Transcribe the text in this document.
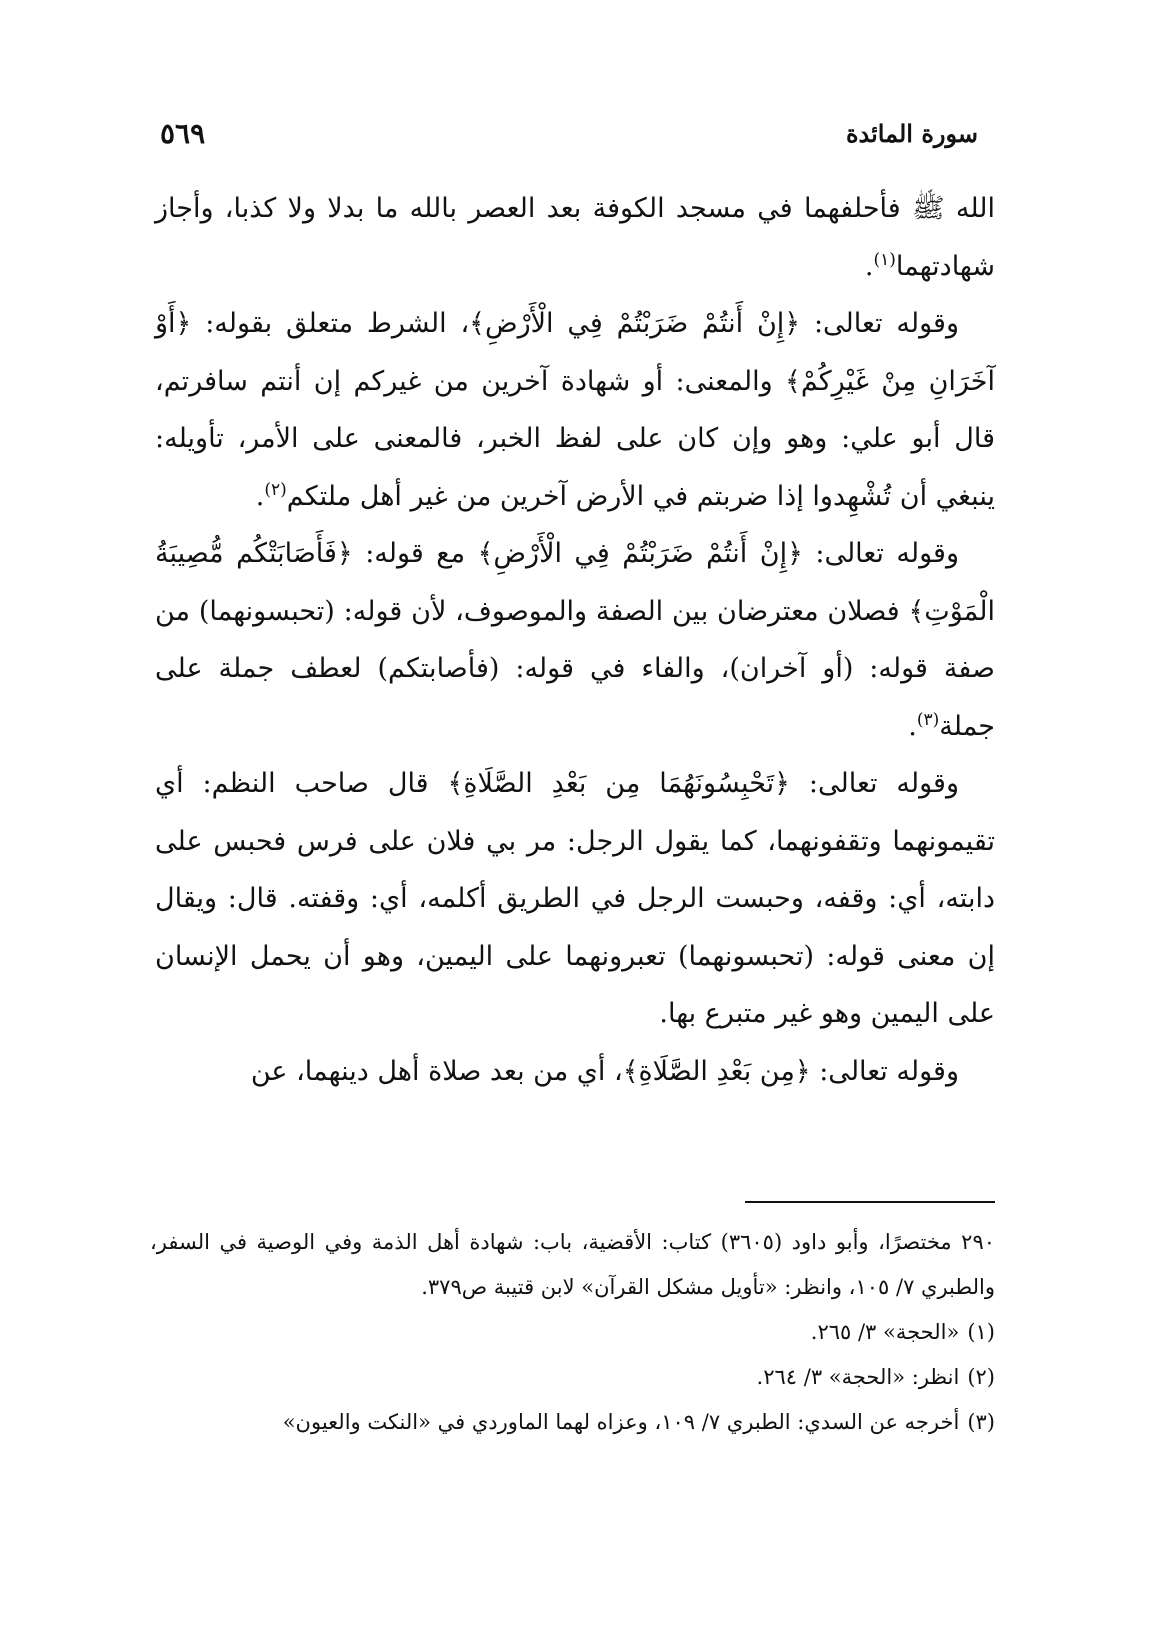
سورة المائدة
٥٦٩

الله ﷺ فأحلفهما في مسجد الكوفة بعد العصر بالله ما بدلا ولا كذبا، وأجاز شهادتهما$^{(١)}$.

وقوله تعالى: ﴿إِنْ أَنتُمْ ضَرَبْتُمْ فِي الْأَرْضِ﴾، الشرط متعلق بقوله: ﴿أَوْ آخَرَانِ مِنْ غَيْرِكُمْ﴾ والمعنى: أو شهادة آخرين من غيركم إن أنتم سافرتم، قال أبو علي: وهو وإن كان على لفظ الخبر، فالمعنى على الأمر، تأويله: ينبغي أن تُشْهِدوا إذا ضربتم في الأرض آخرين من غير أهل ملتكم$^{(٢)}$.

وقوله تعالى: ﴿إِنْ أَنتُمْ ضَرَبْتُمْ فِي الْأَرْضِ﴾ مع قوله: ﴿فَأَصَابَتْكُم مُّصِيبَةُ الْمَوْتِ﴾ فصلان معترضان بين الصفة والموصوف، لأن قوله: (تحبسونهما) من صفة قوله: (أو آخران)، والفاء في قوله: (فأصابتكم) لعطف جملة على جملة$^{(٣)}$.

وقوله تعالى: ﴿تَحْبِسُونَهُمَا مِن بَعْدِ الصَّلَاةِ﴾ قال صاحب النظم: أي تقيمونهما وتقفونهما، كما يقول الرجل: مر بي فلان على فرس فحبس على دابته، أي: وقفه، وحبست الرجل في الطريق أكلمه، أي: وقفته. قال: ويقال إن معنى قوله: (تحبسونهما) تعبرونهما على اليمين، وهو أن يحمل الإنسان على اليمين وهو غير متبرع بها.

وقوله تعالى: ﴿مِن بَعْدِ الصَّلَاةِ﴾، أي من بعد صلاة أهل دينهما، عن

٢٩٠ مختصرًا، وأبو داود (٣٦٠٥) كتاب: الأقضية، باب: شهادة أهل الذمة وفي الوصية في السفر، والطبري ٧/ ١٠٥، وانظر: «تأويل مشكل القرآن» لابن قتيبة ص٣٧٩.

(١)«الحجة» ٣/ ٢٦٥.

(٢)انظر: «الحجة» ٣/ ٢٦٤.

(٣)أخرجه عن السدي: الطبري ٧/ ١٠٩، وعزاه لهما الماوردي في «النكت والعيون»
